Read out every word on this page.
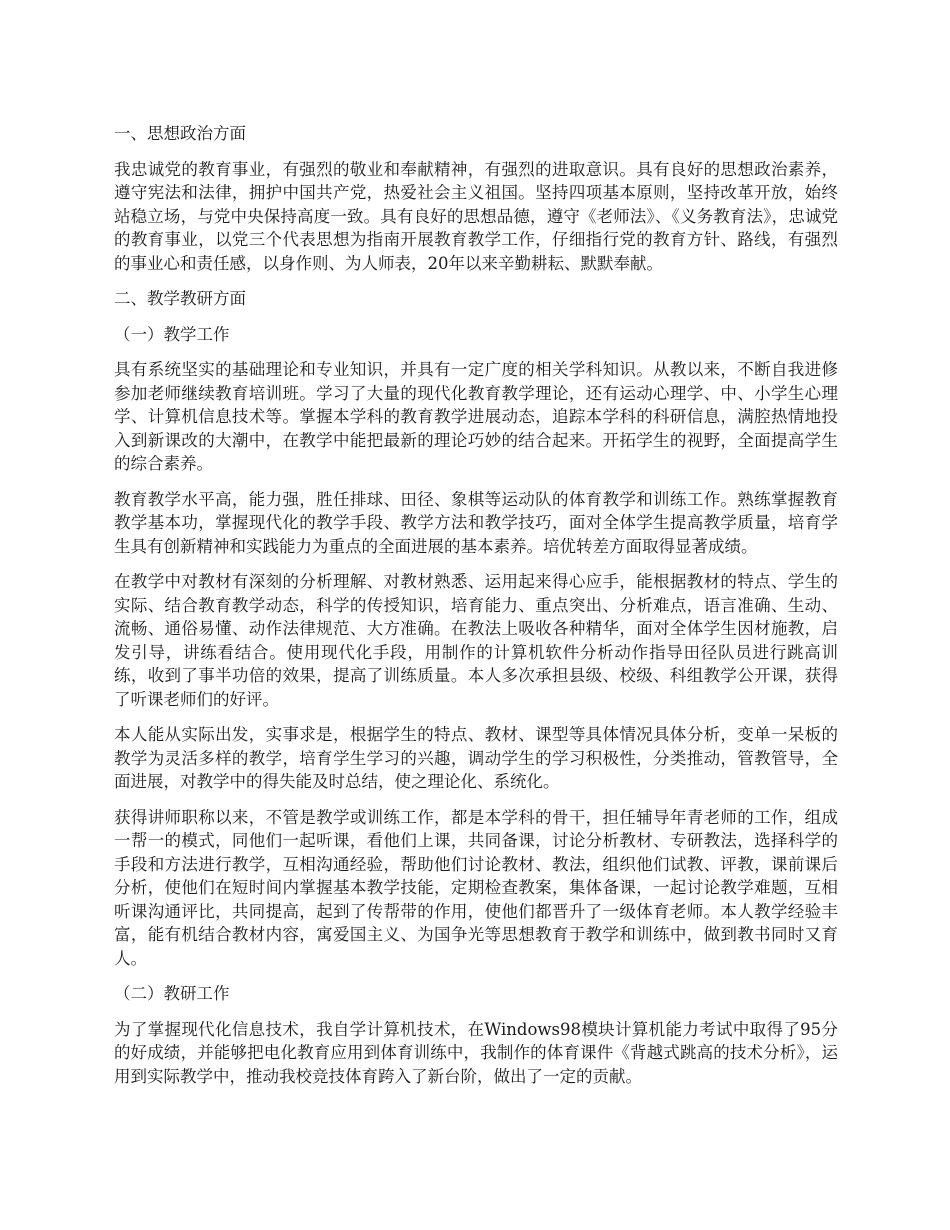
一、思想政治方面

我忠诚党的教育事业，有强烈的敬业和奉献精神，有强烈的进取意识。具有良好的思想政治素养，遵守宪法和法律，拥护中国共产党，热爱社会主义祖国。坚持四项基本原则，坚持改革开放，始终站稳立场，与党中央保持高度一致。具有良好的思想品德，遵守《老师法》、《义务教育法》，忠诚党的教育事业，以党三个代表思想为指南开展教育教学工作，仔细指行党的教育方针、路线，有强烈的事业心和责任感，以身作则、为人师表，20年以来辛勤耕耘、默默奉献。

二、教学教研方面

（一）教学工作

具有系统坚实的基础理论和专业知识，并具有一定广度的相关学科知识。从教以来，不断自我进修参加老师继续教育培训班。学习了大量的现代化教育教学理论，还有运动心理学、中、小学生心理学、计算机信息技术等。掌握本学科的教育教学进展动态，追踪本学科的科研信息，满腔热情地投入到新课改的大潮中，在教学中能把最新的理论巧妙的结合起来。开拓学生的视野，全面提高学生的综合素养。

教育教学水平高，能力强，胜任排球、田径、象棋等运动队的体育教学和训练工作。熟练掌握教育教学基本功，掌握现代化的教学手段、教学方法和教学技巧，面对全体学生提高教学质量，培育学生具有创新精神和实践能力为重点的全面进展的基本素养。培优转差方面取得显著成绩。

在教学中对教材有深刻的分析理解、对教材熟悉、运用起来得心应手，能根据教材的特点、学生的实际、结合教育教学动态，科学的传授知识，培育能力、重点突出、分析难点，语言准确、生动、流畅、通俗易懂、动作法律规范、大方准确。在教法上吸收各种精华，面对全体学生因材施教，启发引导，讲练看结合。使用现代化手段，用制作的计算机软件分析动作指导田径队员进行跳高训练，收到了事半功倍的效果，提高了训练质量。本人多次承担县级、校级、科组教学公开课，获得了听课老师们的好评。

本人能从实际出发，实事求是，根据学生的特点、教材、课型等具体情况具体分析，变单一呆板的教学为灵活多样的教学，培育学生学习的兴趣，调动学生的学习积极性，分类推动，管教管导，全面进展，对教学中的得失能及时总结，使之理论化、系统化。

获得讲师职称以来，不管是教学或训练工作，都是本学科的骨干，担任辅导年青老师的工作，组成一帮一的模式，同他们一起听课，看他们上课，共同备课，讨论分析教材、专研教法，选择科学的手段和方法进行教学，互相沟通经验，帮助他们讨论教材、教法，组织他们试教、评教，课前课后分析，使他们在短时间内掌握基本教学技能，定期检查教案，集体备课，一起讨论教学难题，互相听课沟通评比，共同提高，起到了传帮带的作用，使他们都晋升了一级体育老师。本人教学经验丰富，能有机结合教材内容，寓爱国主义、为国争光等思想教育于教学和训练中，做到教书同时又育人。

（二）教研工作

为了掌握现代化信息技术，我自学计算机技术，在Windows98模块计算机能力考试中取得了95分的好成绩，并能够把电化教育应用到体育训练中，我制作的体育课件《背越式跳高的技术分析》，运用到实际教学中，推动我校竞技体育跨入了新台阶，做出了一定的贡献。
